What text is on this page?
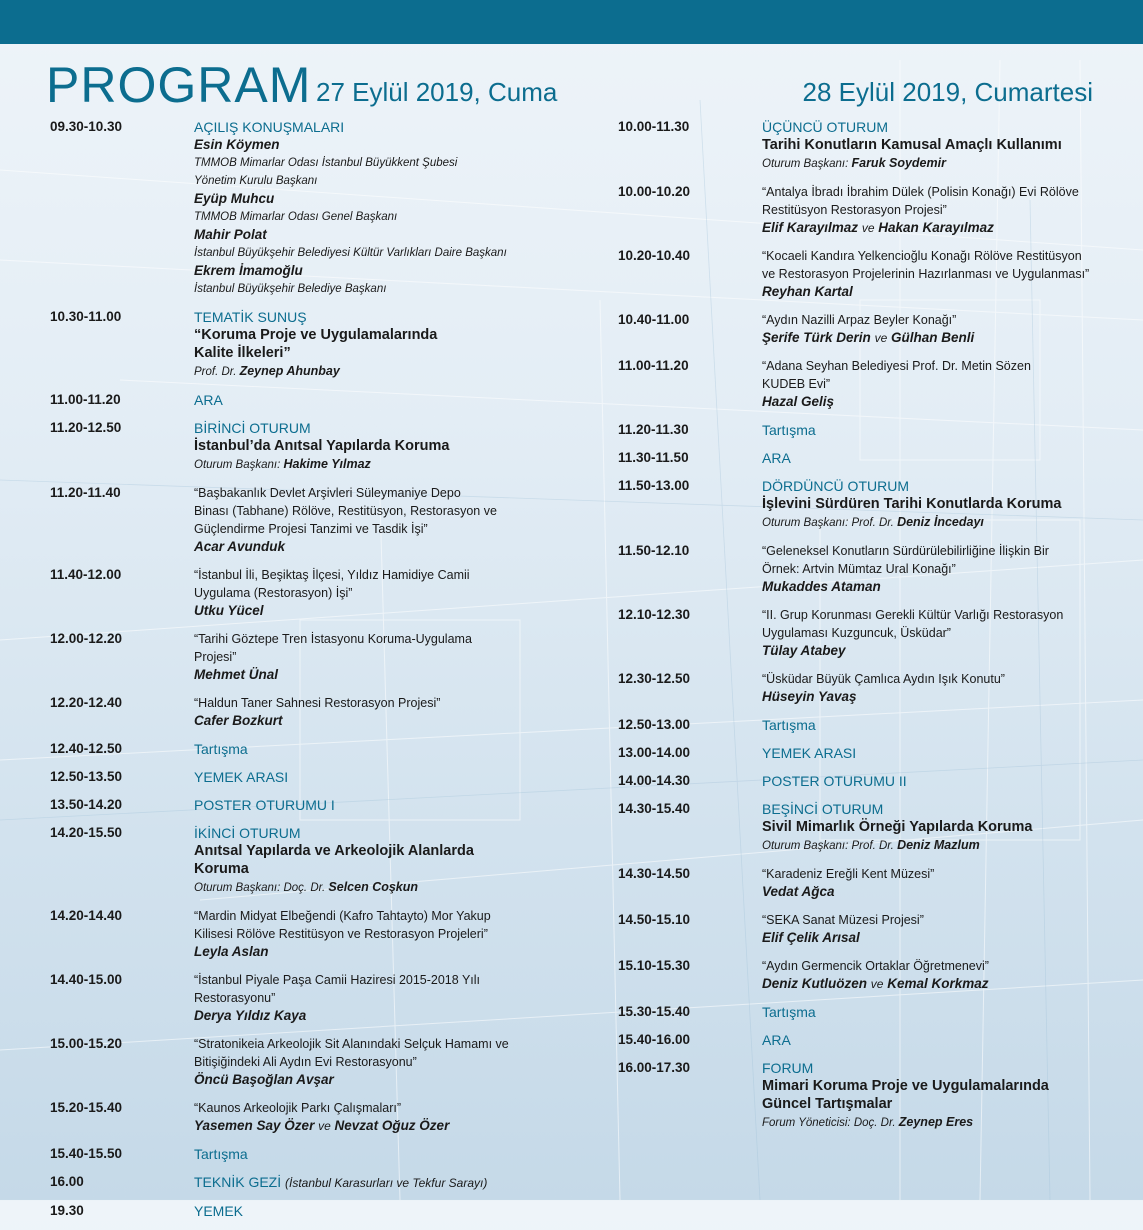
PROGRAM 27 Eylül 2019, Cuma	28 Eylül 2019, Cumartesi
09.30-10.30	AÇILIŞ KONUŞMALARI
Esin Köymen
TMMOB Mimarlar Odası İstanbul Büyükkent Şubesi
Yönetim Kurulu Başkanı
Eyüp Muhcu
TMMOB Mimarlar Odası Genel Başkanı
Mahir Polat
İstanbul Büyükşehir Belediyesi Kültür Varlıkları Daire Başkanı
Ekrem İmamoğlu
İstanbul Büyükşehir Belediye Başkanı
10.30-11.00	TEMATİK SUNUŞ
“Koruma Proje ve Uygulamalarında
Kalite İlkeleri”
Prof. Dr. Zeynep Ahunbay
11.00-11.20	ARA
11.20-12.50	BİRİNCİ OTURUM
İstanbul’da Anıtsal Yapılarda Koruma
Oturum Başkanı: Hakime Yılmaz
11.20-11.40	“Başbakanlık Devlet Arşivleri Süleymaniye Depo
Binası (Tabhane) Rölöve, Restitüsyon, Restorasyon ve
Güçlendirme Projesi Tanzimi ve Tasdik İşi”
Acar Avunduk
11.40-12.00	“İstanbul İli, Beşiktaş İlçesi, Yıldız Hamidiye Camii
Uygulama (Restorasyon) İşi”
Utku Yücel
12.00-12.20	“Tarihi Göztepe Tren İstasyonu Koruma-Uygulama
Projesi”
Mehmet Ünal
12.20-12.40	“Haldun Taner Sahnesi Restorasyon Projesi”
Cafer Bozkurt
12.40-12.50	Tartışma
12.50-13.50	YEMEK ARASI
13.50-14.20	POSTER OTURUMU I
14.20-15.50	İKİNCİ OTURUM
Anıtsal Yapılarda ve Arkeolojik Alanlarda
Koruma
Oturum Başkanı: Doç. Dr. Selcen Coşkun
14.20-14.40	“Mardin Midyat Elbeğendi (Kafro Tahtayto) Mor Yakup
Kilisesi Rölöve Restitüsyon ve Restorasyon Projeleri”
Leyla Aslan
14.40-15.00	“İstanbul Piyale Paşa Camii Haziresi 2015-2018 Yılı
Restorasyonu”
Derya Yıldız Kaya
15.00-15.20	“Stratonikeia Arkeolojik Sit Alanındaki Selçuk Hamamı ve
Bitişiğindeki Ali Aydın Evi Restorasyonu”
Öncü Başoğlan Avşar
15.20-15.40	“Kaunos Arkeolojik Parkı Çalışmaları”
Yasemen Say Özer ve Nevzat Oğuz Özer
15.40-15.50	Tartışma
16.00	TEKNİK GEZİ (İstanbul Karasurları ve Tekfur Sarayı)
19.30	YEMEK
10.00-11.30	ÜÇÜNCÜ OTURUM
Tarihi Konutların Kamusal Amaçlı Kullanımı
Oturum Başkanı: Faruk Soydemir
10.00-10.20	“Antalya İbradı İbrahim Dülek (Polisin Konağı) Evi Rölöve
Restitüsyon Restorasyon Projesi”
Elif Karayılmaz ve Hakan Karayılmaz
10.20-10.40	“Kocaeli Kandıra Yelkencioğlu Konağı Rölöve Restitüsyon
ve Restorasyon Projelerinin Hazırlanması ve Uygulanması”
Reyhan Kartal
10.40-11.00	“Aydın Nazilli Arpaz Beyler Konağı”
Şerife Türk Derin ve Gülhan Benli
11.00-11.20	“Adana Seyhan Belediyesi Prof. Dr. Metin Sözen
KUDEB Evi”
Hazal Geliş
11.20-11.30	Tartışma
11.30-11.50	ARA
11.50-13.00	DÖRDÜNCÜ OTURUM
İşlevini Sürdüren Tarihi Konutlarda Koruma
Oturum Başkanı: Prof. Dr. Deniz İncedayı
11.50-12.10	“Geleneksel Konutların Sürdürülebilirliğine İlişkin Bir
Örnek: Artvin Mümtaz Ural Konağı”
Mukaddes Ataman
12.10-12.30	“II. Grup Korunması Gerekli Kültür Varlığı Restorasyon
Uygulaması Kuzguncuk, Üsküdar”
Tülay Atabey
12.30-12.50	“Üsküdar Büyük Çamlıca Aydın Işık Konutu”
Hüseyin Yavaş
12.50-13.00	Tartışma
13.00-14.00	YEMEK ARASI
14.00-14.30	POSTER OTURUMU II
14.30-15.40	BEŞİNCİ OTURUM
Sivil Mimarlık Örneği Yapılarda Koruma
Oturum Başkanı: Prof. Dr. Deniz Mazlum
14.30-14.50	“Karadeniz Ereğli Kent Müzesi”
Vedat Ağca
14.50-15.10	“SEKA Sanat Müzesi Projesi”
Elif Çelik Arısal
15.10-15.30	“Aydın Germencik Ortaklar Öğretmenevi”
Deniz Kutluözen ve Kemal Korkmaz
15.30-15.40	Tartışma
15.40-16.00	ARA
16.00-17.30	FORUM
Mimari Koruma Proje ve Uygulamalarında
Güncel Tartışmalar
Forum Yöneticisi: Doç. Dr. Zeynep Eres
